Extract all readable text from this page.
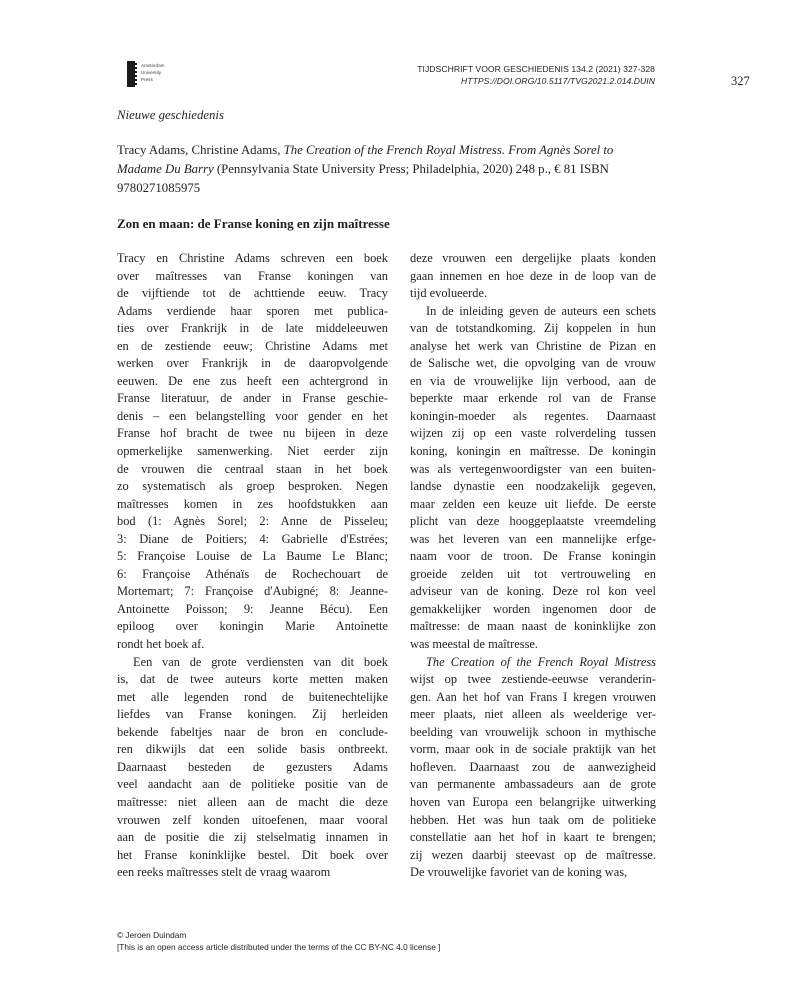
Amsterdam
University
Press
TIJDSCHRIFT VOOR GESCHIEDENIS 134.2 (2021) 327-328
HTTPS://DOI.ORG/10.5117/TVG2021.2.014.DUIN	327
Nieuwe geschiedenis
Tracy Adams, Christine Adams, The Creation of the French Royal Mistress. From Agnès Sorel to Madame Du Barry (Pennsylvania State University Press; Philadelphia, 2020) 248 p., € 81 ISBN 9780271085975
Zon en maan: de Franse koning en zijn maîtresse
Tracy en Christine Adams schreven een boek
over maîtresses van Franse koningen van
de vijftiende tot de achttiende eeuw. Tracy
Adams verdiende haar sporen met publica-
ties over Frankrijk in de late middeleeuwen
en de zestiende eeuw; Christine Adams met
werken over Frankrijk in de daaropvolgende
eeuwen. De ene zus heeft een achtergrond in
Franse literatuur, de ander in Franse geschie-
denis – een belangstelling voor gender en het
Franse hof bracht de twee nu bijeen in deze
opmerkelijke samenwerking. Niet eerder zijn
de vrouwen die centraal staan in het boek
zo systematisch als groep besproken. Negen
maîtresses komen in zes hoofdstukken aan
bod (1: Agnès Sorel; 2: Anne de Pisseleu;
3: Diane de Poitiers; 4: Gabrielle d'Estrées;
5: Françoise Louise de La Baume Le Blanc;
6: Françoise Athénaïs de Rochechouart de
Mortemart; 7: Françoise d'Aubigné; 8: Jeanne-
Antoinette Poisson; 9: Jeanne Bécu). Een
epiloog over koningin Marie Antoinette
rondt het boek af.
Een van de grote verdiensten van dit boek
is, dat de twee auteurs korte metten maken
met alle legenden rond de buitenechtelijke
liefdes van Franse koningen. Zij herleiden
bekende fabeltjes naar de bron en conclude-
ren dikwijls dat een solide basis ontbreekt.
Daarnaast besteden de gezusters Adams
veel aandacht aan de politieke positie van de
maîtresse: niet alleen aan de macht die deze
vrouwen zelf konden uitoefenen, maar vooral
aan de positie die zij stelselmatig innamen in
het Franse koninklijke bestel. Dit boek over
een reeks maîtresses stelt de vraag waarom
deze vrouwen een dergelijke plaats konden
gaan innemen en hoe deze in de loop van de
tijd evolueerde.
In de inleiding geven de auteurs een schets
van de totstandkoming. Zij koppelen in hun
analyse het werk van Christine de Pizan en
de Salische wet, die opvolging van de vrouw
en via de vrouwelijke lijn verbood, aan de
beperkte maar erkende rol van de Franse
koningin-moeder als regentes. Daarnaast
wijzen zij op een vaste rolverdeling tussen
koning, koningin en maîtresse. De koningin
was als vertegenwoordigster van een buiten-
landse dynastie een noodzakelijk gegeven,
maar zelden een keuze uit liefde. De eerste
plicht van deze hooggeplaatste vreemdeling
was het leveren van een mannelijke erfge-
naam voor de troon. De Franse koningin
groeide zelden uit tot vertrouweling en
adviseur van de koning. Deze rol kon veel
gemakkelijker worden ingenomen door de
maîtresse: de maan naast de koninklijke zon
was meestal de maîtresse.
The Creation of the French Royal Mistress
wijst op twee zestiende-eeuwse veranderin-
gen. Aan het hof van Frans I kregen vrouwen
meer plaats, niet alleen als weelderige ver-
beelding van vrouwelijk schoon in mythische
vorm, maar ook in de sociale praktijk van het
hofleven. Daarnaast zou de aanwezigheid
van permanente ambassadeurs aan de grote
hoven van Europa een belangrijke uitwerking
hebben. Het was hun taak om de politieke
constellatie aan het hof in kaart te brengen;
zij wezen daarbij steevast op de maîtresse.
De vrouwelijke favoriet van de koning was,
© Jeroen Duindam
[This is an open access article distributed under the terms of the CC BY-NC 4.0 license ]
